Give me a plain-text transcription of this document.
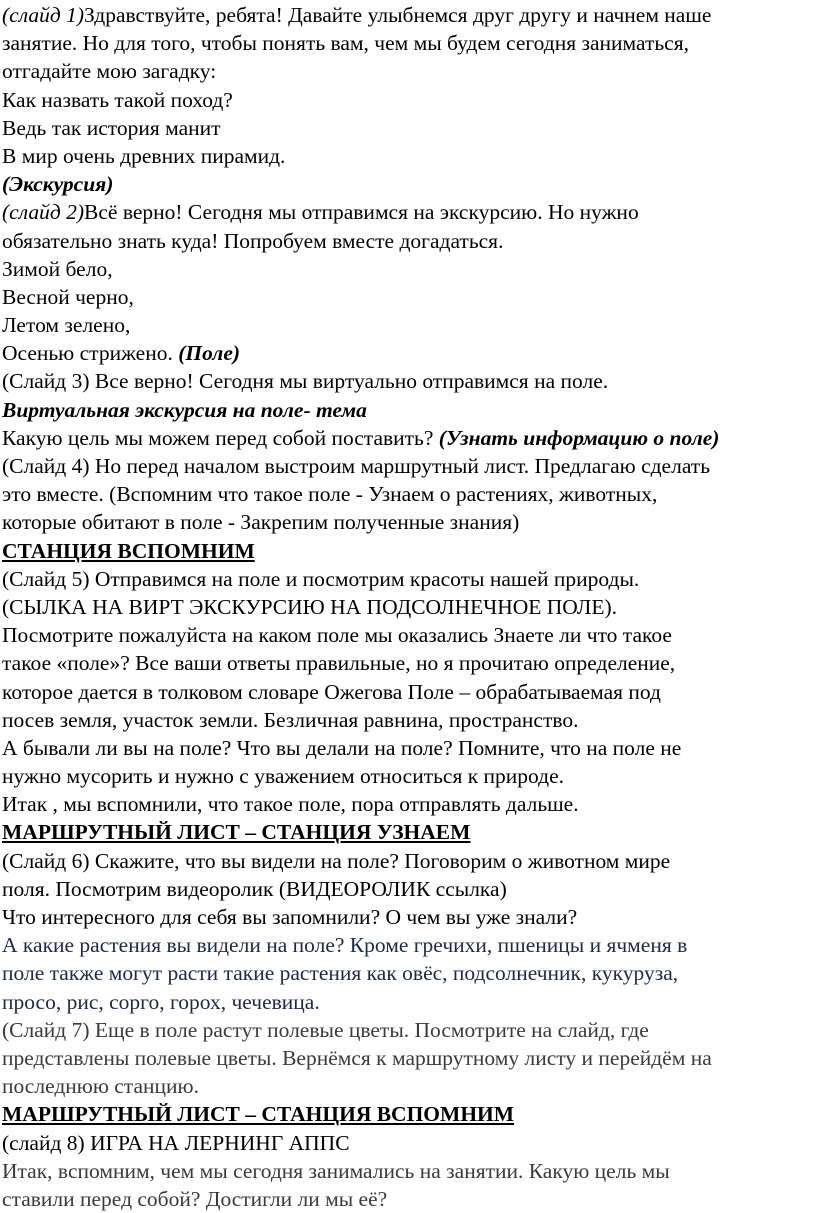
(слайд 1)Здравствуйте, ребята! Давайте улыбнемся друг другу и начнем наше
занятие. Но для того, чтобы понять вам, чем мы будем сегодня заниматься,
отгадайте мою загадку:
Как назвать такой поход?
Ведь так история манит
В мир очень древних пирамид.
(Экскурсия)
(слайд 2)Всё верно! Сегодня мы отправимся на экскурсию. Но нужно
обязательно знать куда! Попробуем вместе догадаться.
Зимой бело,
Весной черно,
Летом зелено,
Осенью стрижено. (Поле)
(Слайд 3) Все верно! Сегодня мы виртуально отправимся на поле.
Виртуальная экскурсия на поле- тема
Какую цель мы можем перед собой поставить? (Узнать информацию о поле)
(Слайд 4) Но перед началом выстроим маршрутный лист. Предлагаю сделать
это вместе. (Вспомним что такое поле - Узнаем о растениях, животных,
которые обитают в поле - Закрепим полученные знания)
СТАНЦИЯ ВСПОМНИМ
(Слайд 5) Отправимся на поле и посмотрим красоты нашей природы.
(СЫЛКА НА ВИРТ ЭКСКУРСИЮ НА ПОДСОЛНЕЧНОЕ ПОЛЕ).
Посмотрите пожалуйста на каком поле мы оказались Знаете ли что такое
такое «поле»? Все ваши ответы правильные, но я прочитаю определение,
которое дается в толковом словаре Ожегова Поле – обрабатываемая под
посев земля, участок земли. Безличная равнина, пространство.
А бывали ли вы на поле? Что вы делали на поле? Помните, что на поле не
нужно мусорить и нужно с уважением относиться к природе.
Итак , мы вспомнили, что такое поле, пора отправлять дальше.
МАРШРУТНЫЙ ЛИСТ – СТАНЦИЯ УЗНАЕМ
(Слайд 6) Скажите, что вы видели на поле? Поговорим о животном мире
поля. Посмотрим видеоролик (ВИДЕОРОЛИК ссылка)
Что интересного для себя вы запомнили? О чем вы уже знали?
А какие растения вы видели на поле? Кроме гречихи, пшеницы и ячменя в
поле также могут расти такие растения как овёс, подсолнечник, кукуруза,
просо, рис, сорго, горох, чечевица.
(Слайд 7) Еще в поле растут полевые цветы. Посмотрите на слайд, где
представлены полевые цветы. Вернёмся к маршрутному листу и перейдём на
последнюю станцию.
МАРШРУТНЫЙ ЛИСТ – СТАНЦИЯ ВСПОМНИМ
(слайд 8) ИГРА НА ЛЕРНИНГ АППС
Итак, вспомним, чем мы сегодня занимались на занятии. Какую цель мы
ставили перед собой? Достигли ли мы её?
